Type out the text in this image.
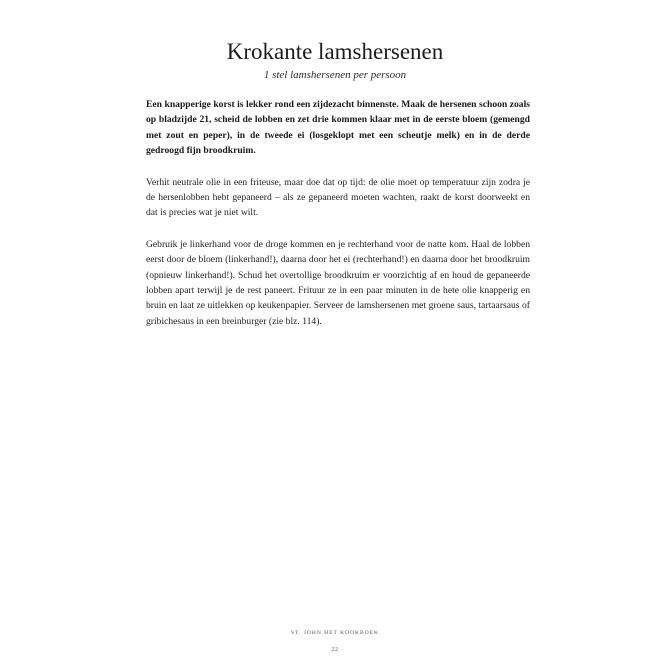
Krokante lamshersenen

1 stel lamshersenen per persoon

Een knapperige korst is lekker rond een zijdezacht binnenste. Maak de hersenen schoon zoals op bladzijde 21, scheid de lobben en zet drie kommen klaar met in de eerste bloem (gemengd met zout en peper), in de tweede ei (losgeklopt met een scheutje melk) en in de derde gedroogd fijn broodkruim.

Verhit neutrale olie in een friteuse, maar doe dat op tijd: de olie moet op temperatuur zijn zodra je de hersenlobben hebt gepaneerd – als ze gepaneerd moeten wachten, raakt de korst doorweekt en dat is precies wat je niet wilt.

Gebruik je linkerhand voor de droge kommen en je rechterhand voor de natte kom. Haal de lobben eerst door de bloem (linkerhand!), daarna door het ei (rechterhand!) en daarna door het broodkruim (opnieuw linkerhand!). Schud het overtollige broodkruim er voorzichtig af en houd de gepaneerde lobben apart terwijl je de rest paneert. Frituur ze in een paar minuten in de hete olie knapperig en bruin en laat ze uitlekken op keukenpapier. Serveer de lamshersenen met groene saus, tartaarsaus of gribichesaus in een breinburger (zie blz. 114).

ST. JOHN HET KOOKBOEK

22
